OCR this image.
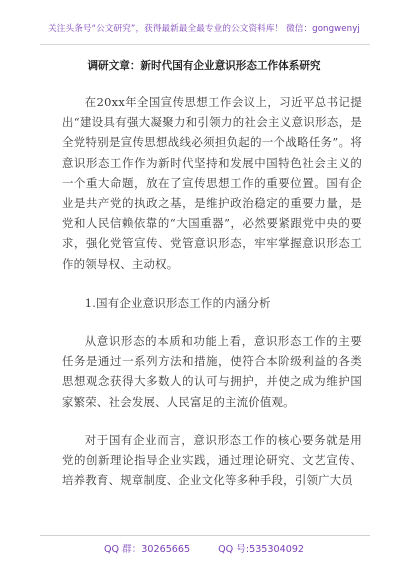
关注头条号“公文研究”，获得最新最全最专业的公文资料库！ 微信：gongwenyj
调研文章：新时代国有企业意识形态工作体系研究

在20xx年全国宣传思想工作会议上，习近平总书记提出“建设具有强大凝聚力和引领力的社会主义意识形态，是全党特别是宣传思想战线必须担负起的一个战略任务”。将意识形态工作作为新时代坚持和发展中国特色社会主义的一个重大命题，放在了宣传思想工作的重要位置。国有企业是共产党的执政之基，是维护政治稳定的重要力量，是党和人民信赖依靠的“大国重器”，必然要紧跟党中央的要求，强化党管宣传、党管意识形态，牢牢掌握意识形态工作的领导权、主动权。

1.国有企业意识形态工作的内涵分析

从意识形态的本质和功能上看，意识形态工作的主要任务是通过一系列方法和措施，使符合本阶级利益的各类思想观念获得大多数人的认可与拥护，并使之成为维护国家繁荣、社会发展、人民富足的主流价值观。

对于国有企业而言，意识形态工作的核心要务就是用党的创新理论指导企业实践，通过理论研究、文艺宣传、培养教育、规章制度、企业文化等多种手段，引领广大员

QQ 群：30265665	QQ 号:535304092
